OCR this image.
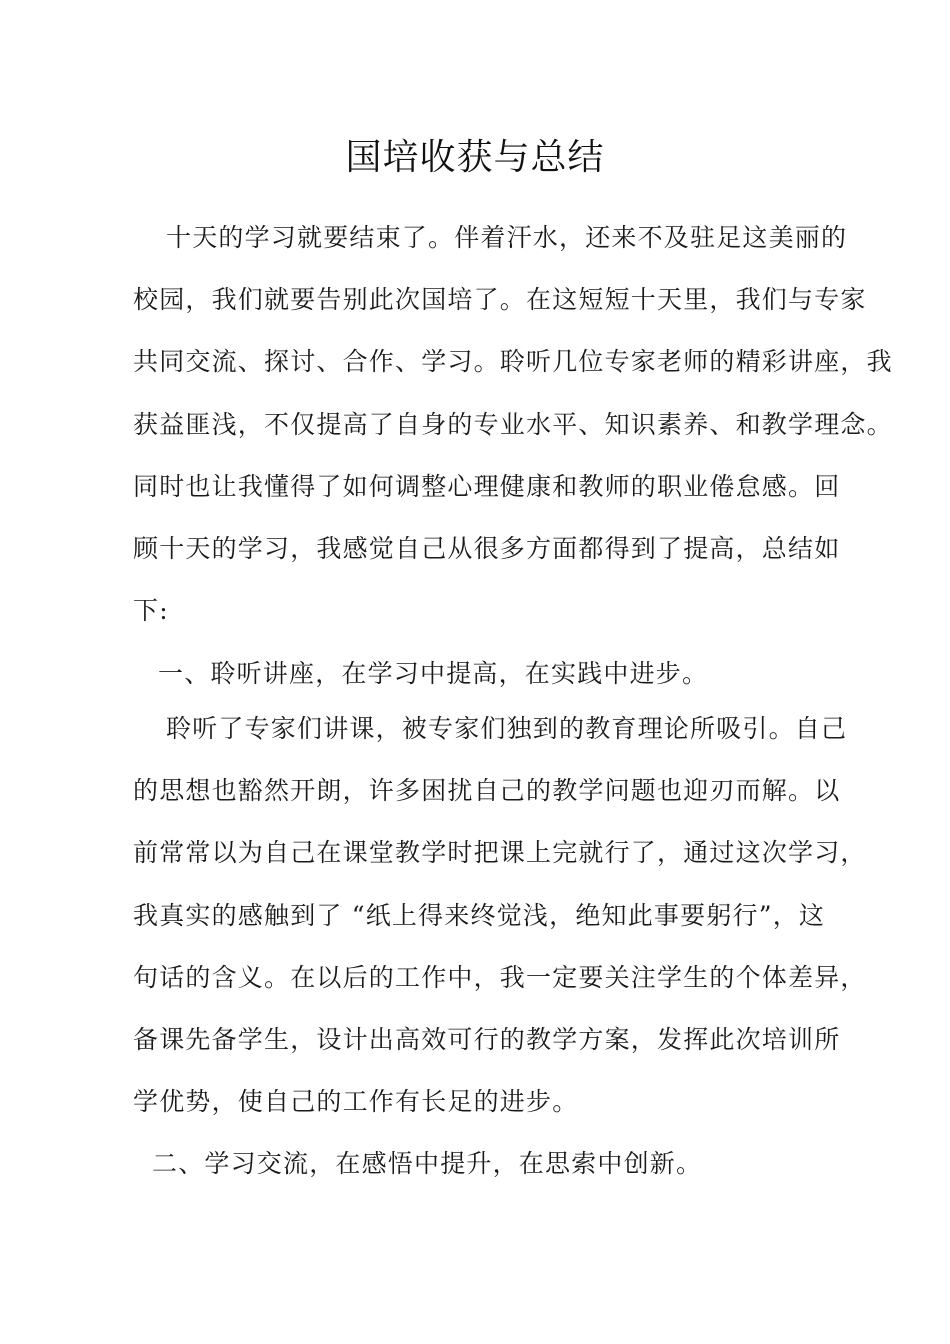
国培收获与总结
十天的学习就要结束了。伴着汗水，还来不及驻足这美丽的
校园，我们就要告别此次国培了。在这短短十天里，我们与专家
共同交流、探讨、合作、学习。聆听几位专家老师的精彩讲座，我
获益匪浅，不仅提高了自身的专业水平、知识素养、和教学理念。
同时也让我懂得了如何调整心理健康和教师的职业倦怠感。回
顾十天的学习，我感觉自己从很多方面都得到了提高，总结如
下:
一、聆听讲座，在学习中提高，在实践中进步。
聆听了专家们讲课，被专家们独到的教育理论所吸引。自己
的思想也豁然开朗，许多困扰自己的教学问题也迎刃而解。以
前常常以为自己在课堂教学时把课上完就行了，通过这次学习，
我真实的感触到了 “纸上得来终觉浅，绝知此事要躬行”，这
句话的含义。在以后的工作中，我一定要关注学生的个体差异，
备课先备学生，设计出高效可行的教学方案，发挥此次培训所
学优势，使自己的工作有长足的进步。
二、学习交流，在感悟中提升，在思索中创新。
